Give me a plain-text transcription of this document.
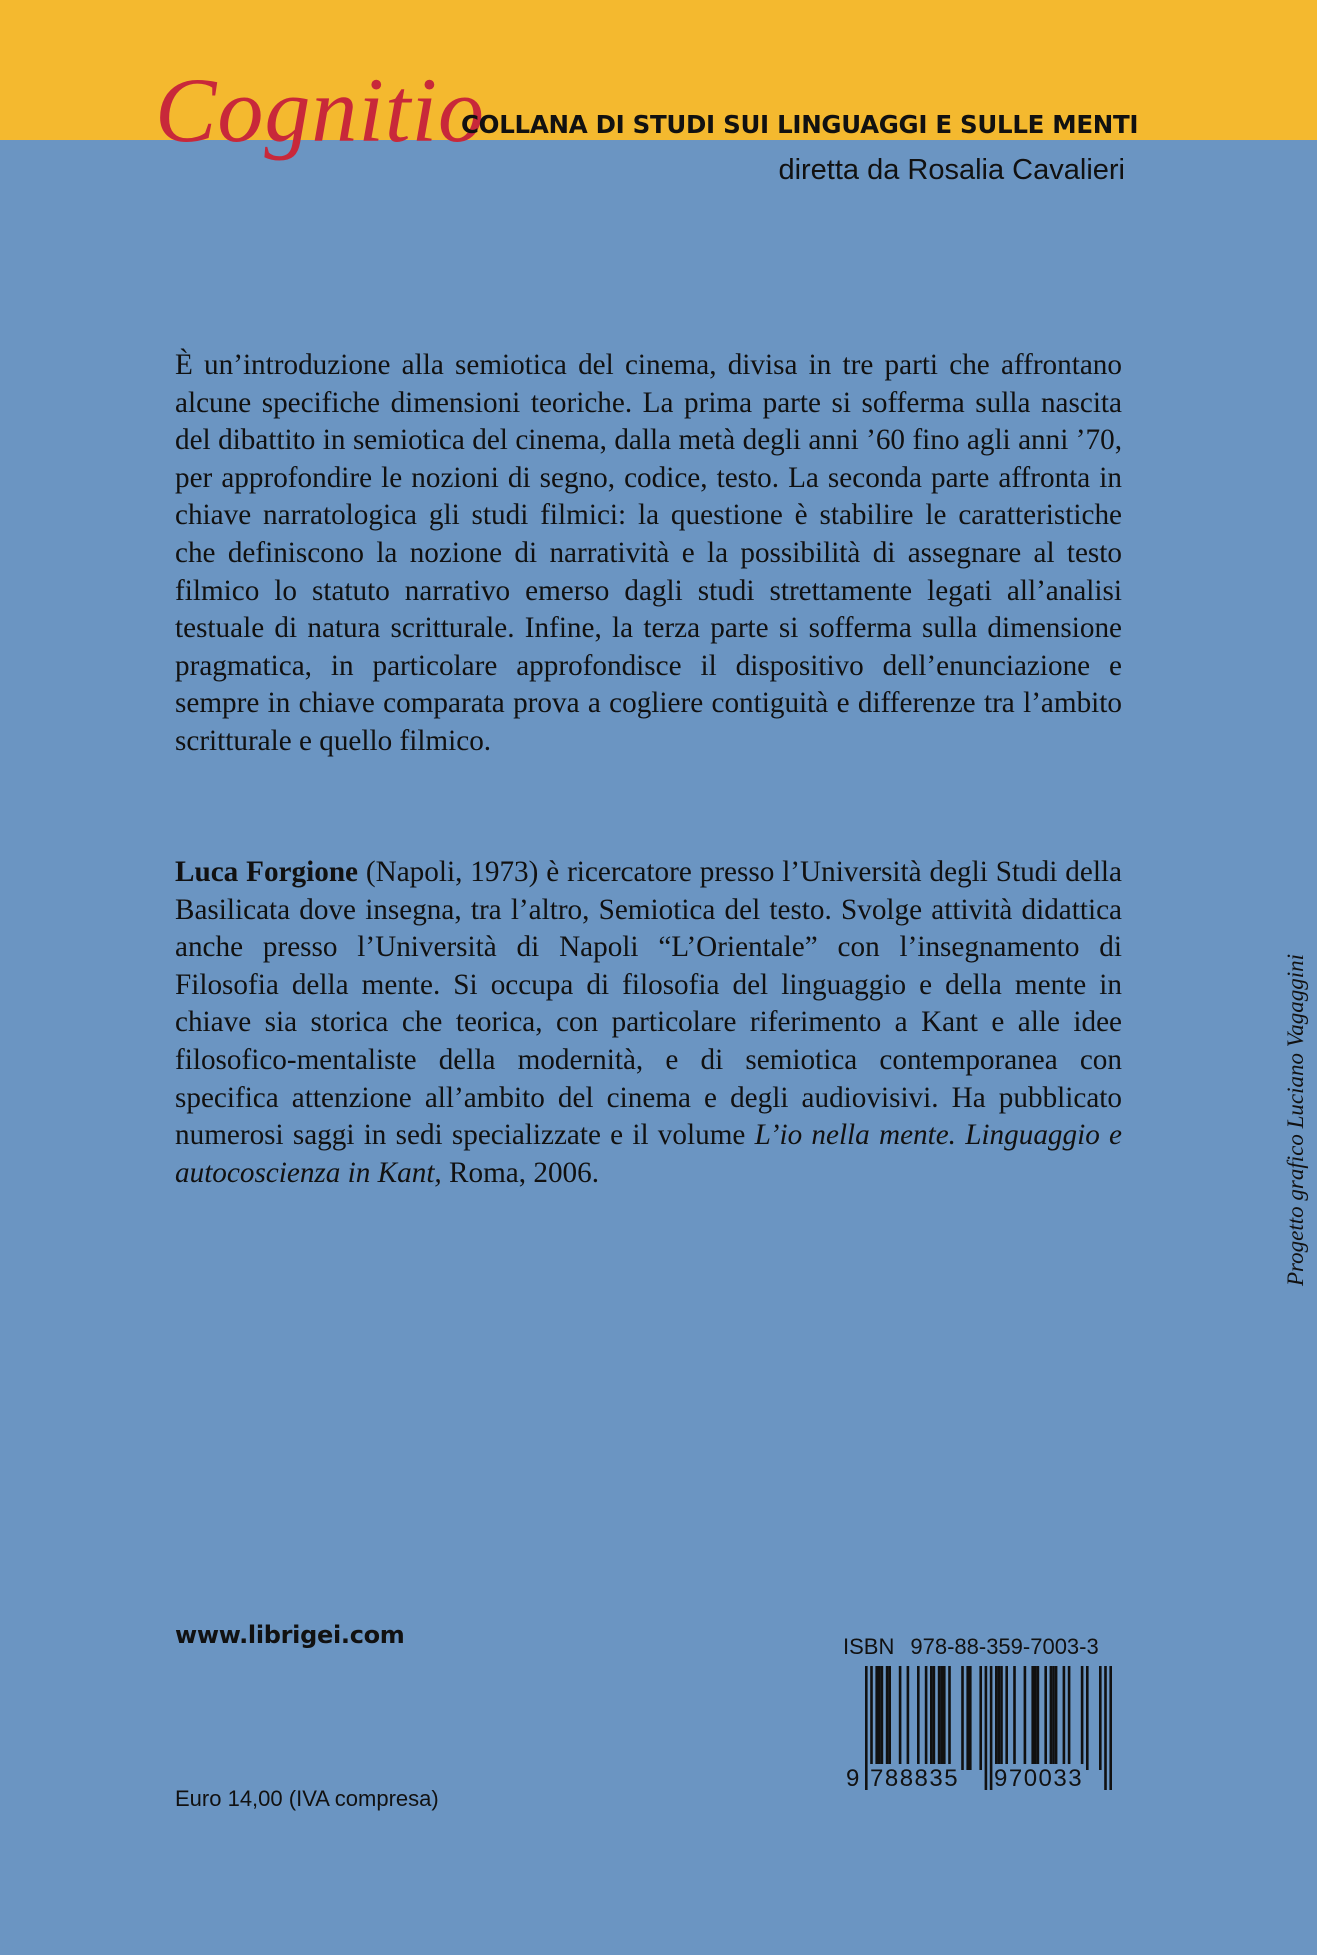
Cognitio
COLLANA DI STUDI SUI LINGUAGGI E SULLE MENTI
diretta da Rosalia Cavalieri

È un’introduzione alla semiotica del cinema, divisa in tre parti che affrontano alcune specifiche dimensioni teoriche. La prima parte si sofferma sulla nascita del dibattito in semiotica del cinema, dalla metà degli anni ’60 fino agli anni ’70, per approfondire le nozioni di segno, codice, testo. La seconda parte affronta in chiave narratologica gli studi filmici: la questione è stabilire le caratteristiche che definiscono la nozione di narratività e la possibilità di assegnare al testo filmico lo statuto narrativo emerso dagli studi strettamente legati all’analisi testuale di natura scritturale. Infine, la terza parte si sofferma sulla dimensione pragmatica, in particolare approfondisce il dispositivo dell’enunciazione e sempre in chiave comparata prova a cogliere contiguità e differenze tra l’ambito scritturale e quello filmico.

Luca Forgione (Napoli, 1973) è ricercatore presso l’Università degli Studi della Basilicata dove insegna, tra l’altro, Semiotica del testo. Svolge attività didattica anche presso l’Università di Napoli “L’Orientale” con l’insegnamento di Filosofia della mente. Si occupa di filosofia del linguaggio e della mente in chiave sia storica che teorica, con particolare riferimento a Kant e alle idee filosofico-mentaliste della modernità, e di semiotica contemporanea con specifica attenzione all’ambito del cinema e degli audiovisivi. Ha pubblicato numerosi saggi in sedi specializzate e il volume L’io nella mente. Linguaggio e autocoscienza in Kant, Roma, 2006.	Progetto grafico Luciano Vagaggini
www.librigei.com	ISBN 978-88-359-7003-3
9 788835 970033
Euro 14,00 (IVA compresa)
